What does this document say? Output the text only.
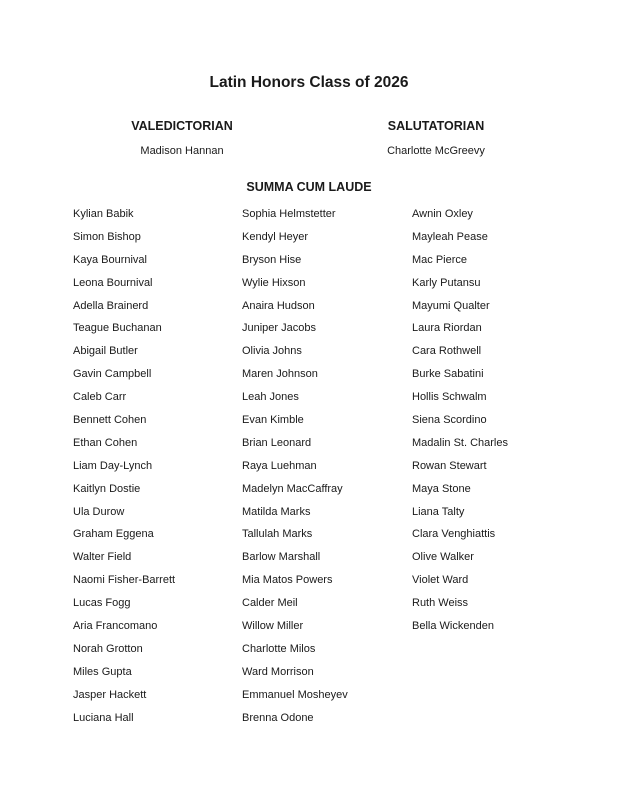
Latin Honors Class of 2026
VALEDICTORIAN
Madison Hannan
SALUTATORIAN
Charlotte McGreevy
SUMMA CUM LAUDE
Kylian Babik
Simon Bishop
Kaya Bournival
Leona Bournival
Adella Brainerd
Teague Buchanan
Abigail Butler
Gavin Campbell
Caleb Carr
Bennett Cohen
Ethan Cohen
Liam Day-Lynch
Kaitlyn Dostie
Ula Durow
Graham Eggena
Walter Field
Naomi Fisher-Barrett
Lucas Fogg
Aria Francomano
Norah Grotton
Miles Gupta
Jasper Hackett
Luciana Hall
Sophia Helmstetter
Kendyl Heyer
Bryson Hise
Wylie Hixson
Anaira Hudson
Juniper Jacobs
Olivia Johns
Maren Johnson
Leah Jones
Evan Kimble
Brian Leonard
Raya Luehman
Madelyn MacCaffray
Matilda Marks
Tallulah Marks
Barlow Marshall
Mia Matos Powers
Calder Meil
Willow Miller
Charlotte Milos
Ward Morrison
Emmanuel Mosheyev
Brenna Odone
Awnin Oxley
Mayleah Pease
Mac Pierce
Karly Putansu
Mayumi Qualter
Laura Riordan
Cara Rothwell
Burke Sabatini
Hollis Schwalm
Siena Scordino
Madalin St. Charles
Rowan Stewart
Maya Stone
Liana Talty
Clara Venghiattis
Olive Walker
Violet Ward
Ruth Weiss
Bella Wickenden
